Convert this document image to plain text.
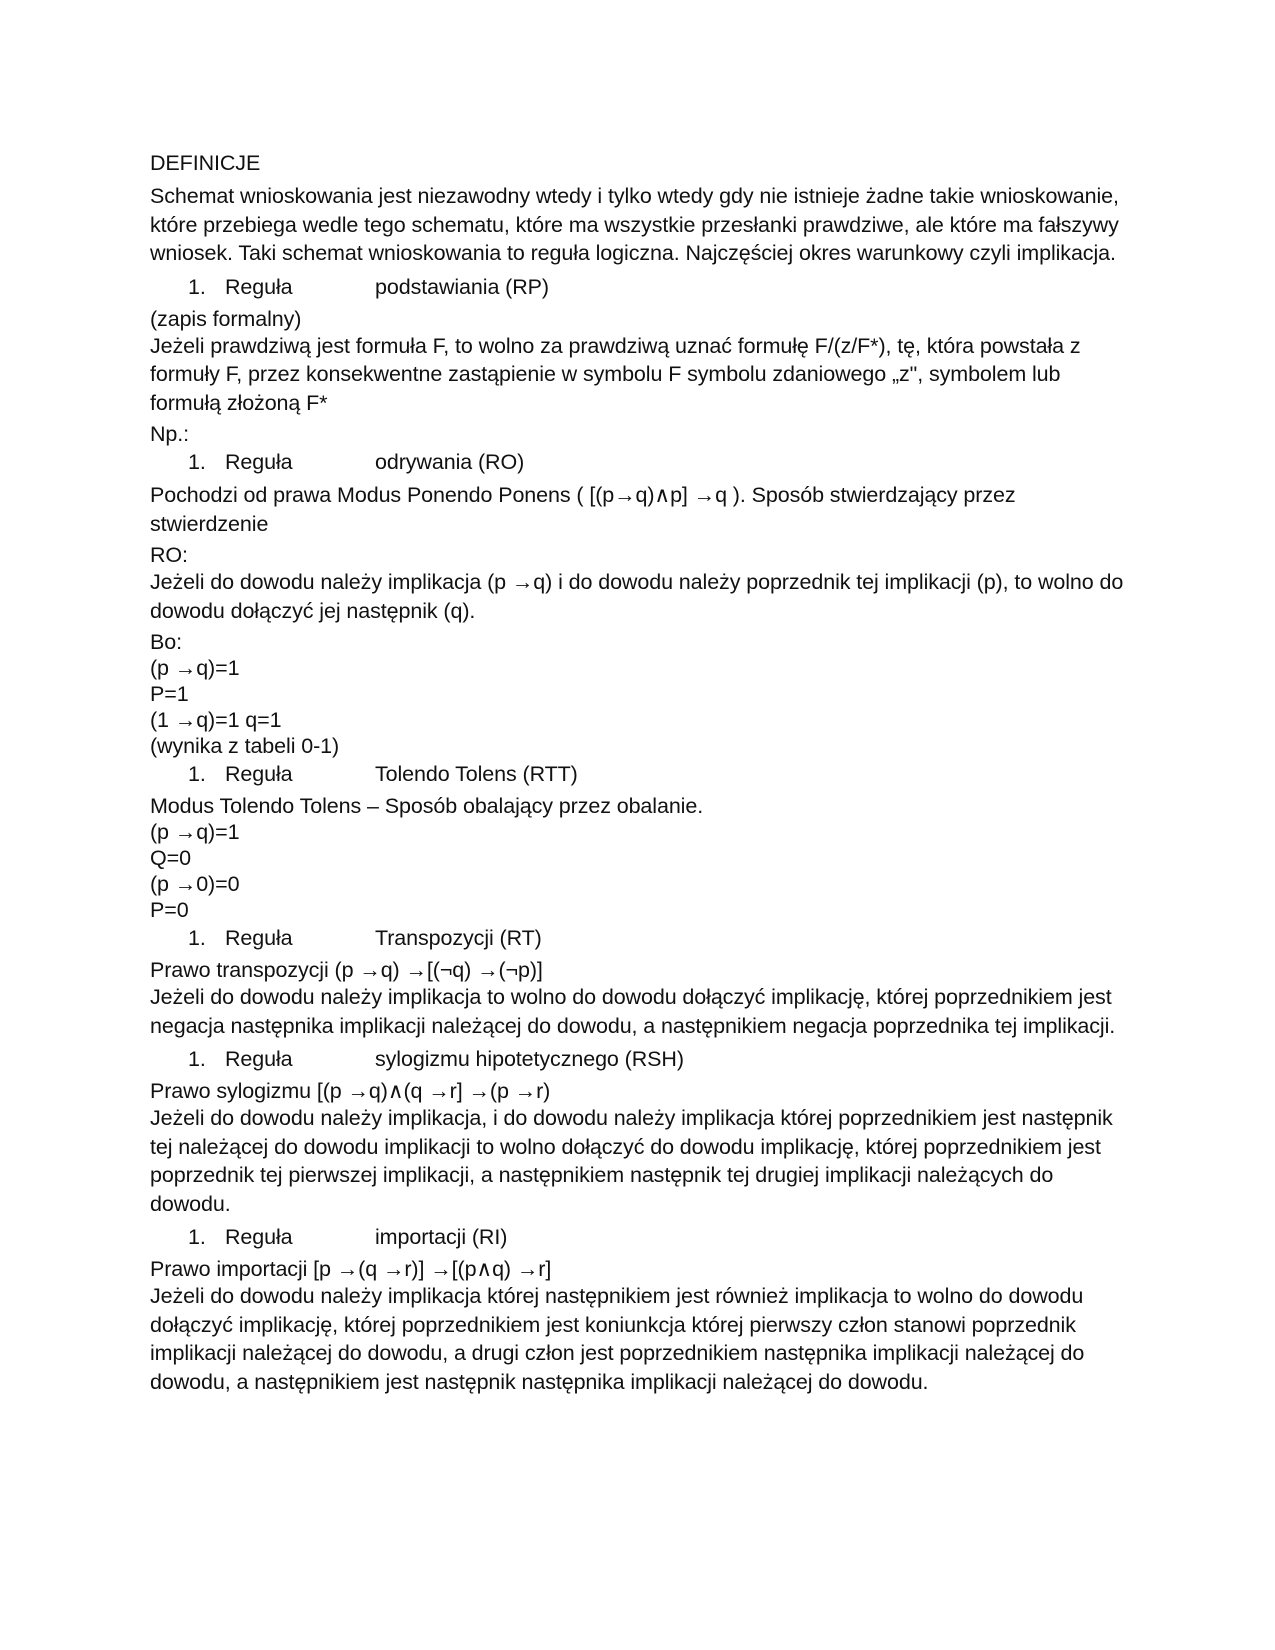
DEFINICJE
Schemat wnioskowania jest niezawodny wtedy i tylko wtedy gdy nie istnieje żadne takie wnioskowanie, które przebiega wedle tego schematu, które ma wszystkie przesłanki prawdziwe, ale które ma fałszywy wniosek. Taki schemat wnioskowania to reguła logiczna. Najczęściej okres warunkowy czyli implikacja.
1. Reguła	podstawiania (RP)
(zapis formalny)
Jeżeli prawdziwą jest formuła F, to wolno za prawdziwą uznać formułę F/(z/F*), tę, która powstała z formuły F, przez konsekwentne zastąpienie w symbolu F symbolu zdaniowego „z", symbolem lub formułą złożoną F*
Np.:
1. Reguła	odrywania (RO)
Pochodzi od prawa Modus Ponendo Ponens ( [(p→q)∧p] →q ). Sposób stwierdzający przez stwierdzenie
RO:
Jeżeli do dowodu należy implikacja (p →q) i do dowodu należy poprzednik tej implikacji (p), to wolno do dowodu dołączyć jej następnik (q).
Bo:
(p →q)=1
P=1
(1 →q)=1 q=1
(wynika z tabeli 0-1)
1. Reguła	Tolendo Tolens (RTT)
Modus Tolendo Tolens – Sposób obalający przez obalanie.
(p →q)=1
Q=0
(p →0)=0
P=0
1. Reguła	Transpozycji (RT)
Prawo transpozycji (p →q) →[(¬q) →(¬p)]
Jeżeli do dowodu należy implikacja to wolno do dowodu dołączyć implikację, której poprzednikiem jest negacja następnika implikacji należącej do dowodu, a następnikiem negacja poprzednika tej implikacji.
1. Reguła	sylogizmu hipotetycznego (RSH)
Prawo sylogizmu [(p →q)∧(q →r] →(p →r)
Jeżeli do dowodu należy implikacja, i do dowodu należy implikacja której poprzednikiem jest następnik tej należącej do dowodu implikacji to wolno dołączyć do dowodu implikację, której poprzednikiem jest poprzednik tej pierwszej implikacji, a następnikiem następnik tej drugiej implikacji należących do dowodu.
1. Reguła	importacji (RI)
Prawo importacji [p →(q →r)] →[(p∧q) →r]
Jeżeli do dowodu należy implikacja której następnikiem jest również implikacja to wolno do dowodu dołączyć implikację, której poprzednikiem jest koniunkcja której pierwszy człon stanowi poprzednik implikacji należącej do dowodu, a drugi człon jest poprzednikiem następnika implikacji należącej do dowodu, a następnikiem jest następnik następnika implikacji należącej do dowodu.
